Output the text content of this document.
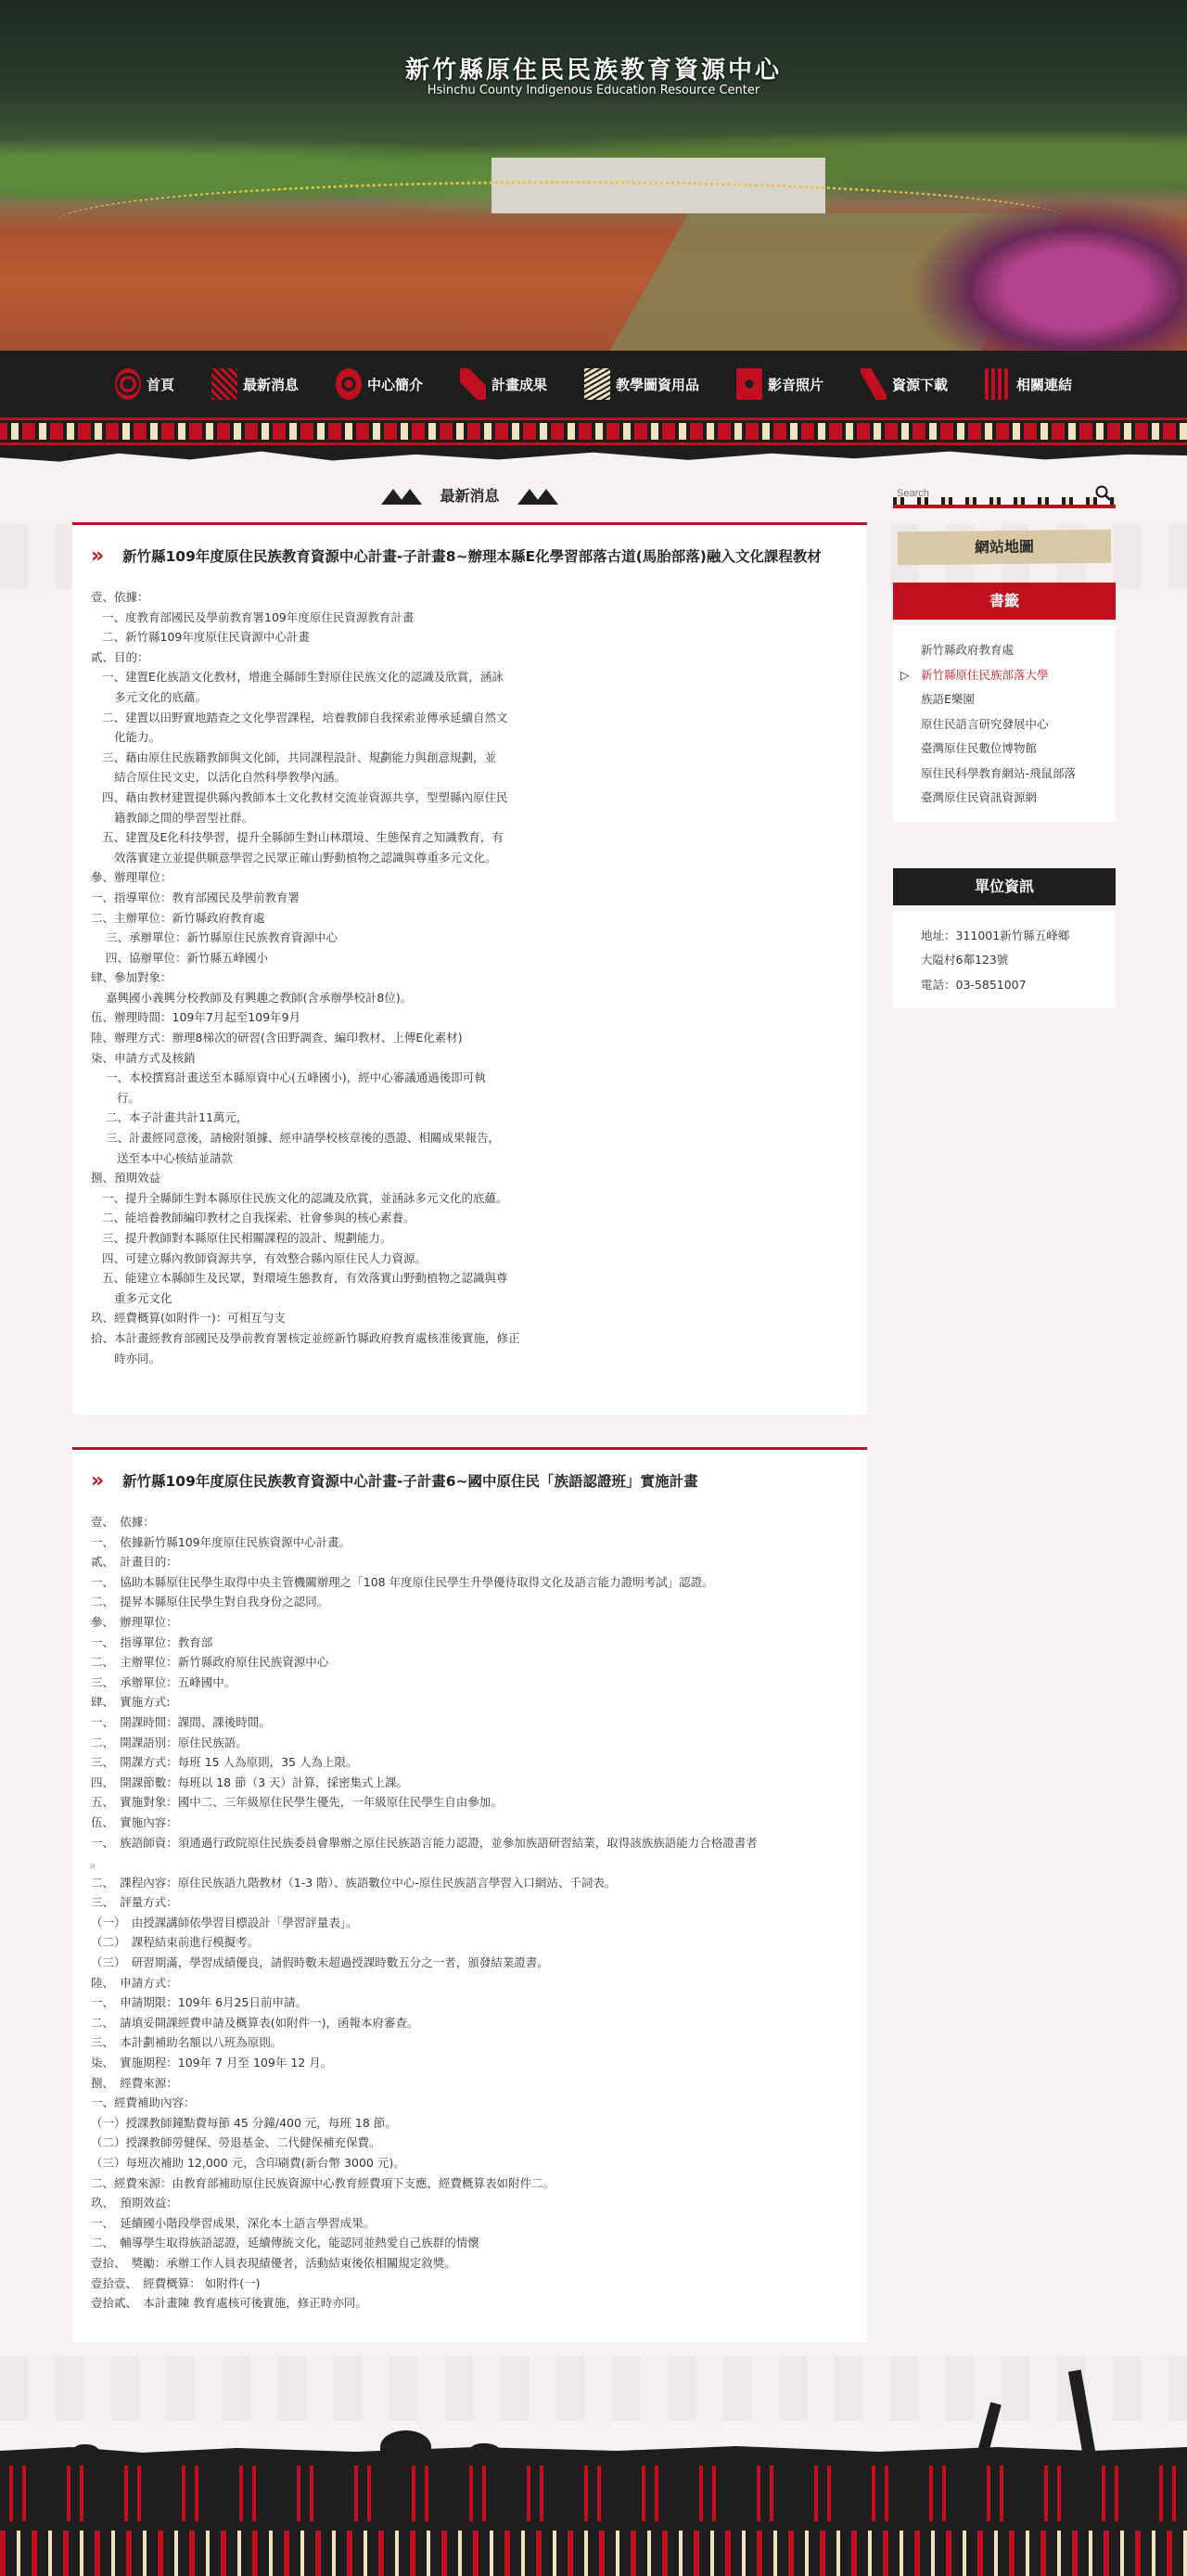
新竹縣原住民民族教育資源中心
Hsinchu County Indigenous Education Resource Center
首頁	最新消息	中心簡介	計畫成果	教學圖資用品	影音照片	資源下載	相關連結
最新消息
»	新竹縣109年度原住民族教育資源中心計畫-子計畫8~辦理本縣E化學習部落古道(馬胎部落)融入文化課程教材
壹、依據：
一、度教育部國民及學前教育署109年度原住民資源教育計畫
二、新竹縣109年度原住民資源中心計畫
貳、目的：
一、建置E化族語文化教材，增進全縣師生對原住民族文化的認識及欣賞，涵詠
多元文化的底蘊。
二、建置以田野實地踏查之文化學習課程，培養教師自我探索並傳承延續自然文
化能力。
三、藉由原住民族籍教師與文化師，共同課程設計、規劃能力與創意規劃，並
結合原住民文史，以活化自然科學教學內涵。
四、藉由教材建置提供縣內教師本土文化教材交流並資源共享，型塑縣內原住民
籍教師之間的學習型社群。
五、建置及E化科技學習，提升全縣師生對山林環境、生態保育之知識教育，有
效落實建立並提供願意學習之民眾正確山野動植物之認識與尊重多元文化。
參、辦理單位：
一、指導單位：教育部國民及學前教育署
二、主辦單位：新竹縣政府教育處
三、承辦單位：新竹縣原住民族教育資源中心
四、協辦單位：新竹縣五峰國小
肆、參加對象：
嘉興國小義興分校教師及有興趣之教師(含承辦學校計8位)。
伍、辦理時間：109年7月起至109年9月
陸、辦理方式：辦理8梯次的研習(含田野調查、編印教材、上傳E化素材)
柒、申請方式及核銷
一、本校撰寫計畫送至本縣原資中心(五峰國小)，經中心審議通過後即可執
行。
二、本子計畫共計11萬元，
三、計畫經同意後，請檢附領據、經申請學校核章後的憑證、相關成果報告，
送至本中心核結並請款
捌、預期效益
一、提升全縣師生對本縣原住民族文化的認識及欣賞，並涵詠多元文化的底蘊。
二、能培養教師編印教材之自我探索、社會參與的核心素養。
三、提升教師對本縣原住民相關課程的設計、規劃能力。
四、可建立縣內教師資源共享，有效整合縣內原住民人力資源。
五、能建立本縣師生及民眾，對環境生態教育，有效落實山野動植物之認識與尊
重多元文化
玖、經費概算(如附件一)：可相互勻支
拾、本計畫經教育部國民及學前教育署核定並經新竹縣政府教育處核准後實施，修正
時亦同。
»	新竹縣109年度原住民族教育資源中心計畫-子計畫6~國中原住民「族語認證班」實施計畫
壹、　依據：
一、　依據新竹縣109年度原住民族資源中心計畫。
貳、　計畫目的：
一、　協助本縣原住民學生取得中央主管機關辦理之「108 年度原住民學生升學優待取得文化及語言能力證明考試」認證。
二、　提昇本縣原住民學生對自我身份之認同。
參、　辦理單位：
一、　指導單位：教育部
二、　主辦單位：新竹縣政府原住民族資源中心
三、　承辦單位：五峰國中。
肆、　實施方式:
一、　開課時間：課間、課後時間。
二、　開課語別：原住民族語。
三、　開課方式：每班 15 人為原則，35 人為上限。
四、　開課節數：每班以 18 節（3 天）計算，採密集式上課。
五、　實施對象：國中二、三年級原住民學生優先，一年級原住民學生自由參加。
伍、　實施內容：
一、　族語師資：須通過行政院原住民族委員會舉辦之原住民族語言能力認證，並參加族語研習結業，取得該族族語能力合格證書者
。
二、　課程內容：原住民族語九階教材（1-3 階）、族語數位中心-原住民族語言學習入口網站、千詞表。
三、　評量方式：
（一）　由授課講師依學習目標設計「學習評量表」。
（二）　課程結束前進行模擬考。
（三）　研習期滿，學習成績優良，請假時數未超過授課時數五分之一者，頒發結業證書。
陸、　申請方式：
一、　申請期限：109年 6月25日前申請。
二、　請填妥開課經費申請及概算表(如附件一)，函報本府審查。
三、　本計劃補助名額以八班為原則。
柒、　實施期程：109年 7 月至 109年 12 月。
捌、　經費來源：
一、經費補助內容：
（一）授課教師鐘點費每節 45 分鐘/400 元，每班 18 節。
（二）授課教師勞健保、勞退基金、二代健保補充保費。
（三）每班次補助 12,000 元，含印刷費(新台幣 3000 元)。
二、經費來源：由教育部補助原住民族資源中心教育經費項下支應，經費概算表如附件二。
玖、　預期效益：
一、　延續國小階段學習成果，深化本土語言學習成果。
二、　輔導學生取得族語認證，延續傳統文化，能認同並熱愛自己族群的情懷
壹拾、　獎勵：承辦工作人員表現績優者，活動結束後依相關規定敘獎。
壹拾壹、　經費概算： 如附件(一)
壹拾貳、　本計畫陳 教育處核可後實施，修正時亦同。
Search
網站地圖
書籤
新竹縣政府教育處
▷ 新竹縣原住民族部落大學
族語E樂園
原住民語言研究發展中心
臺灣原住民數位博物館
原住民科學教育網站-飛鼠部落
臺灣原住民資訊資源網
單位資訊
地址：311001新竹縣五峰鄉
大隘村6鄰123號
電話：03-5851007
